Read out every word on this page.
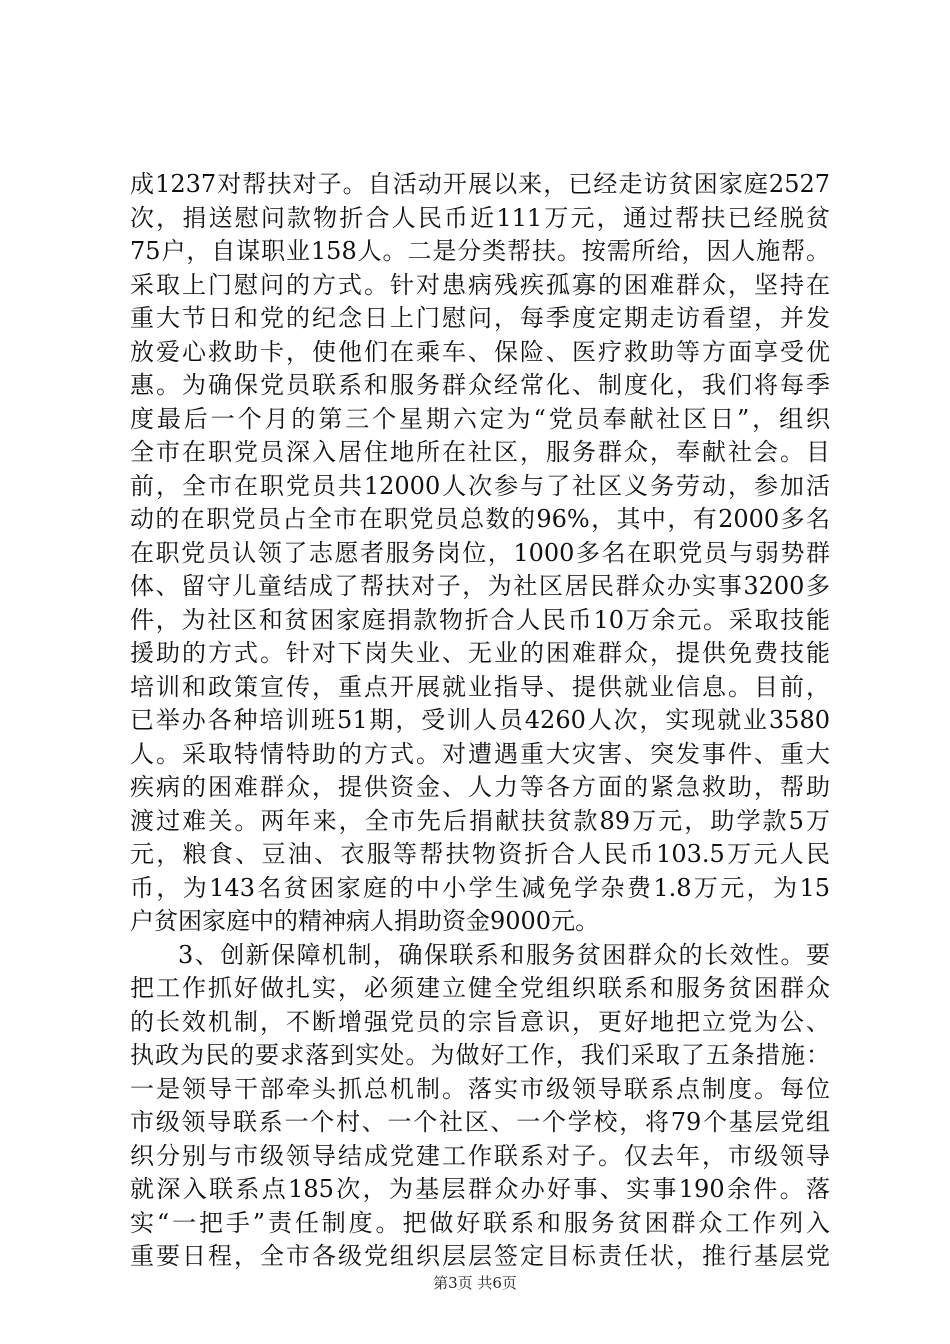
成1237对帮扶对子。自活动开展以来，已经走访贫困家庭2527
次，捐送慰问款物折合人民币近111万元，通过帮扶已经脱贫
75户，自谋职业158人。二是分类帮扶。按需所给，因人施帮。
采取上门慰问的方式。针对患病残疾孤寡的困难群众，坚持在
重大节日和党的纪念日上门慰问，每季度定期走访看望，并发
放爱心救助卡，使他们在乘车、保险、医疗救助等方面享受优
惠。为确保党员联系和服务群众经常化、制度化，我们将每季
度最后一个月的第三个星期六定为“党员奉献社区日”，组织
全市在职党员深入居住地所在社区，服务群众，奉献社会。目
前，全市在职党员共12000人次参与了社区义务劳动，参加活
动的在职党员占全市在职党员总数的96%，其中，有2000多名
在职党员认领了志愿者服务岗位，1000多名在职党员与弱势群
体、留守儿童结成了帮扶对子，为社区居民群众办实事3200多
件，为社区和贫困家庭捐款物折合人民币10万余元。采取技能
援助的方式。针对下岗失业、无业的困难群众，提供免费技能
培训和政策宣传，重点开展就业指导、提供就业信息。目前，
已举办各种培训班51期，受训人员4260人次，实现就业3580
人。采取特情特助的方式。对遭遇重大灾害、突发事件、重大
疾病的困难群众，提供资金、人力等各方面的紧急救助，帮助
渡过难关。两年来，全市先后捐献扶贫款89万元，助学款5万
元，粮食、豆油、衣服等帮扶物资折合人民币103.5万元人民
币，为143名贫困家庭的中小学生减免学杂费1.8万元，为15
户贫困家庭中的精神病人捐助资金9000元。
3、创新保障机制，确保联系和服务贫困群众的长效性。要
把工作抓好做扎实，必须建立健全党组织联系和服务贫困群众
的长效机制，不断增强党员的宗旨意识，更好地把立党为公、
执政为民的要求落到实处。为做好工作，我们采取了五条措施：
一是领导干部牵头抓总机制。落实市级领导联系点制度。每位
市级领导联系一个村、一个社区、一个学校，将79个基层党组
织分别与市级领导结成党建工作联系对子。仅去年，市级领导
就深入联系点185次，为基层群众办好事、实事190余件。落
实“一把手”责任制度。把做好联系和服务贫困群众工作列入
重要日程，全市各级党组织层层签定目标责任状，推行基层党
第3页 共6页
